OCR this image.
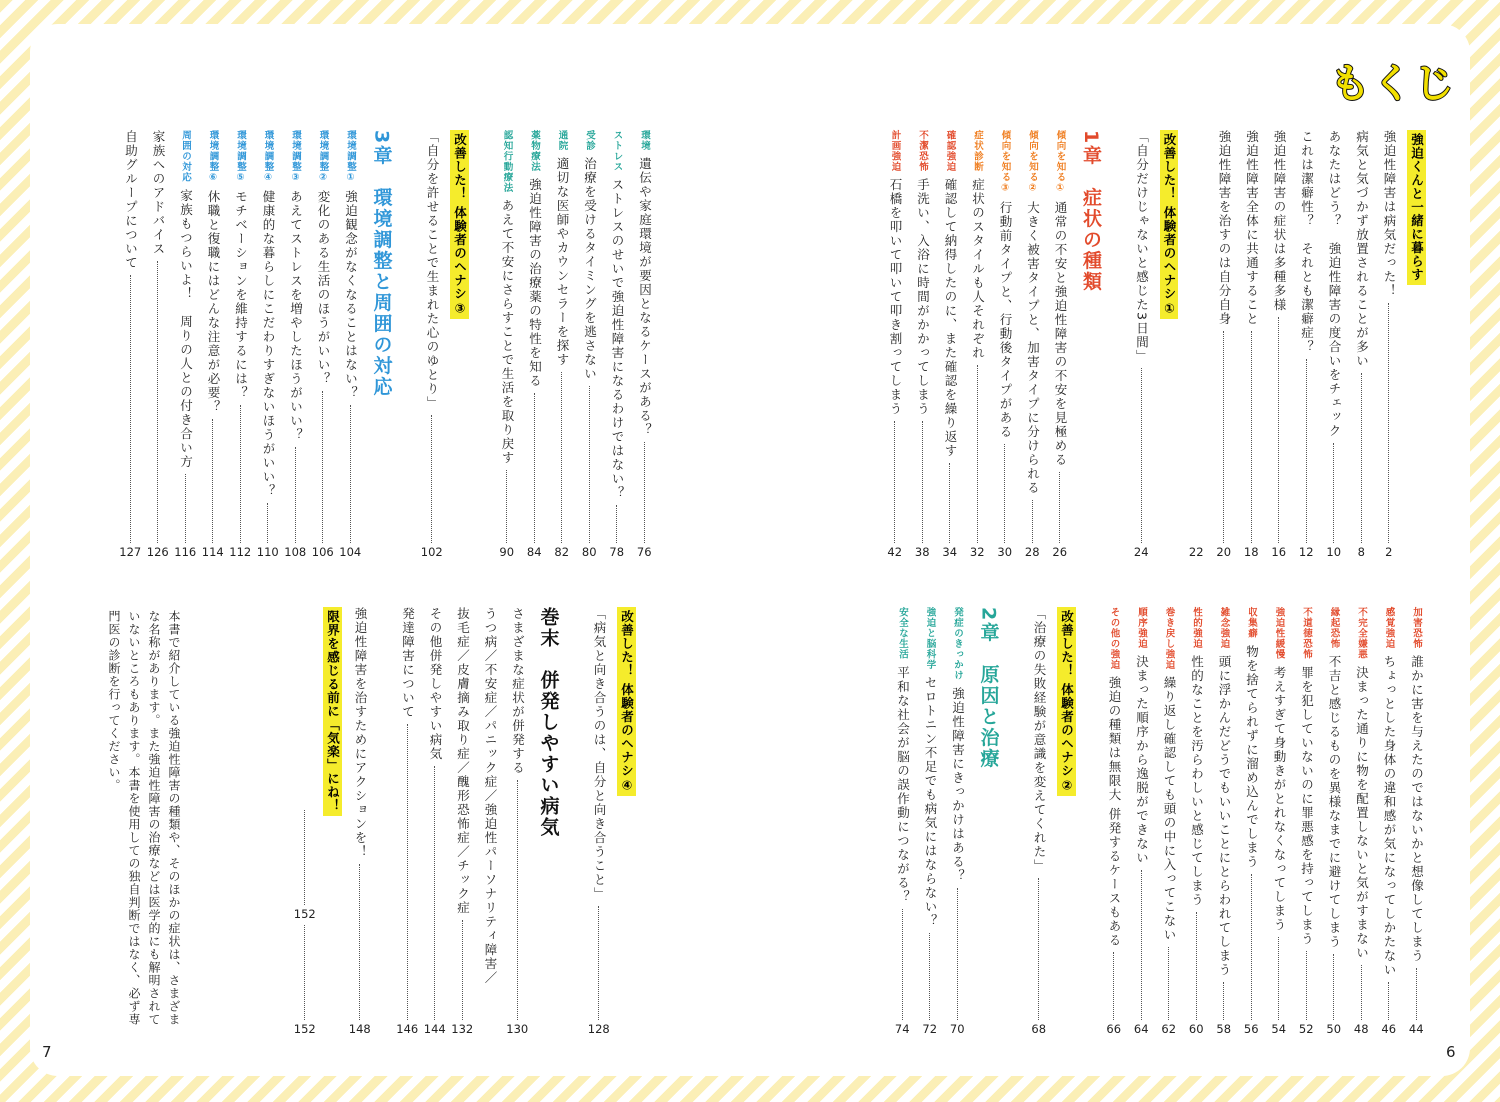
もくじ
強迫くんと一緒に暮らす
強迫性障害は病気だった！
2
病気と気づかず放置されることが多い
8
あなたはどう？　強迫性障害の度合いをチェック
10
これは潔癖性？　それとも潔癖症？
12
強迫性障害の症状は多種多様
16
強迫性障害全体に共通すること
18
強迫性障害を治すのは自分自身
20
22
改善した！ 体験者のヘナシ①
「自分だけじゃないと感じた3日間」
24
1章　症状の種類
傾向を知る①
通常の不安と強迫性障害の不安を見極める
26
傾向を知る②
大きく被害タイプと、加害タイプに分けられる
28
傾向を知る③
行動前タイプと、行動後タイプがある
30
症状診断
症状のスタイルも人それぞれ
32
確認強迫
確認して納得したのに、また確認を繰り返す
34
不潔恐怖
手洗い、入浴に時間がかかってしまう
38
計画強迫
石橋を叩いて叩いて叩き割ってしまう
42
環境
遺伝や家庭環境が要因となるケースがある？
76
ストレス
ストレスのせいで強迫性障害になるわけではない？
78
受診
治療を受けるタイミングを逃さない
80
通院
適切な医師やカウンセラーを探す
82
薬物療法
強迫性障害の治療薬の特性を知る
84
認知行動療法
あえて不安にさらすことで生活を取り戻す
90
改善した！ 体験者のヘナシ③
「自分を許せることで生まれた心のゆとり」
102
3章　環境調整と周囲の対応
環境調整①
強迫観念がなくなることはない？
104
環境調整②
変化のある生活のほうがいい？
106
環境調整③
あえてストレスを増やしたほうがいい？
108
環境調整④
健康的な暮らしにこだわりすぎないほうがいい？
110
環境調整⑤
モチベーションを維持するには？
112
環境調整⑥
休職と復職にはどんな注意が必要？
114
周囲の対応
家族もつらいよ！　周りの人との付き合い方
116
家族へのアドバイス
126
自助グループについて
127
加害恐怖
誰かに害を与えたのではないかと想像してしまう
44
感覚強迫
ちょっとした身体の違和感が気になってしかたない
46
不完全嫌悪
決まった通りに物を配置しないと気がすまない
48
縁起恐怖
不吉と感じるものを異様なまでに避けてしまう
50
不道徳恐怖
罪を犯していないのに罪悪感を持ってしまう
52
強迫性緩慢
考えすぎて身動きがとれなくなってしまう
54
収集癖
物を捨てられずに溜め込んでしまう
56
雑念強迫
頭に浮かんだどうでもいいことにとらわれてしまう
58
性的強迫
性的なことを汚らわしいと感じてしまう
60
巻き戻し強迫
繰り返し確認しても頭の中に入ってこない
62
順序強迫
決まった順序から逸脱ができない
64
その他の強迫
強迫の種類は無限大 併発するケースもある
66
改善した！ 体験者のヘナシ②
「治療の失敗経験が意識を変えてくれた」
68
2章　原因と治療
発症のきっかけ
強迫性障害にきっかけはある？
70
強迫と脳科学
セロトニン不足でも病気にはならない？
72
安全な生活
平和な社会が脳の誤作動につながる？
74
改善した！ 体験者のヘナシ④
「病気と向き合うのは、自分と向き合うこと」
128
巻末　併発しやすい病気
さまざまな症状が併発する
130
うつ病／不安症／パニック症／強迫性パーソナリティ障害／
抜毛症／皮膚摘み取り症／醜形恐怖症／チック症
132
その他併発しやすい病気
144
発達障害について
146
強迫性障害を治すためにアクションを！
148
限界を感じる前に「気楽」にね！
152
152

本書で紹介している強迫性障害の種類や、そのほかの症状は、さまざまな名称があります。また強迫性障害の治療などは医学的にも解明されていないところもあります。本書を使用しての独自判断ではなく、必ず専門医の診断を行ってください。

7	6
